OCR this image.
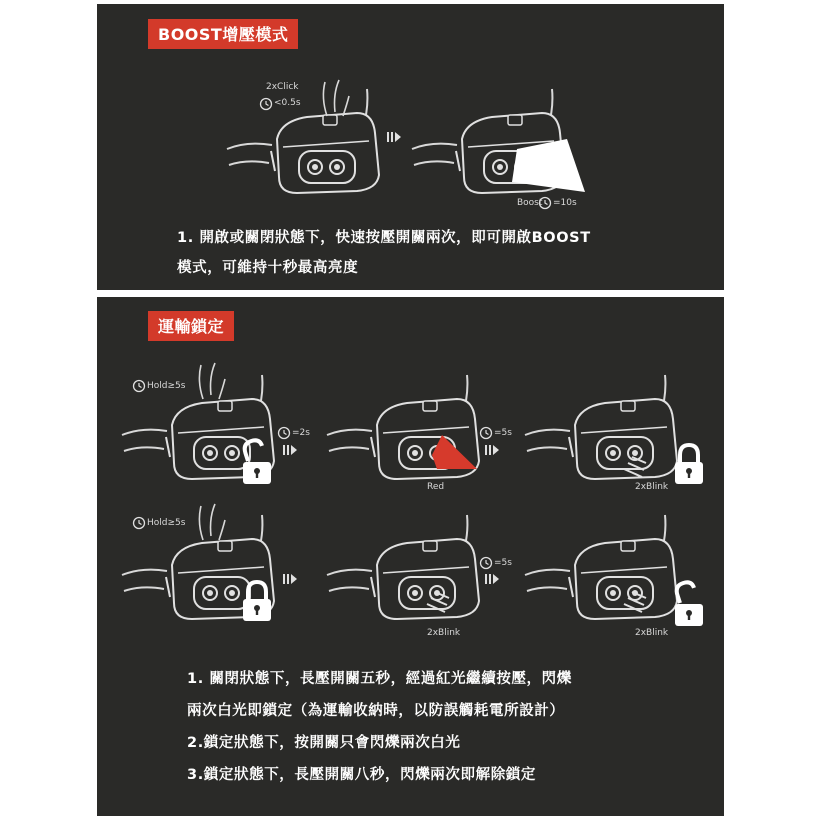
BOOST增壓模式
2xClick
<0.5s
Boost =10s
1. 開啟或關閉狀態下，快速按壓開關兩次，即可開啟BOOST
模式，可維持十秒最高亮度
運輸鎖定
Hold≥5s
=2s	=5s
Red	2xBlink
Hold≥5s
=5s
2xBlink	2xBlink
1. 關閉狀態下，長壓開關五秒，經過紅光繼續按壓，閃爍
兩次白光即鎖定（為運輸收納時，以防誤觸耗電所設計）
2.鎖定狀態下，按開關只會閃爍兩次白光
3.鎖定狀態下，長壓開關八秒，閃爍兩次即解除鎖定
